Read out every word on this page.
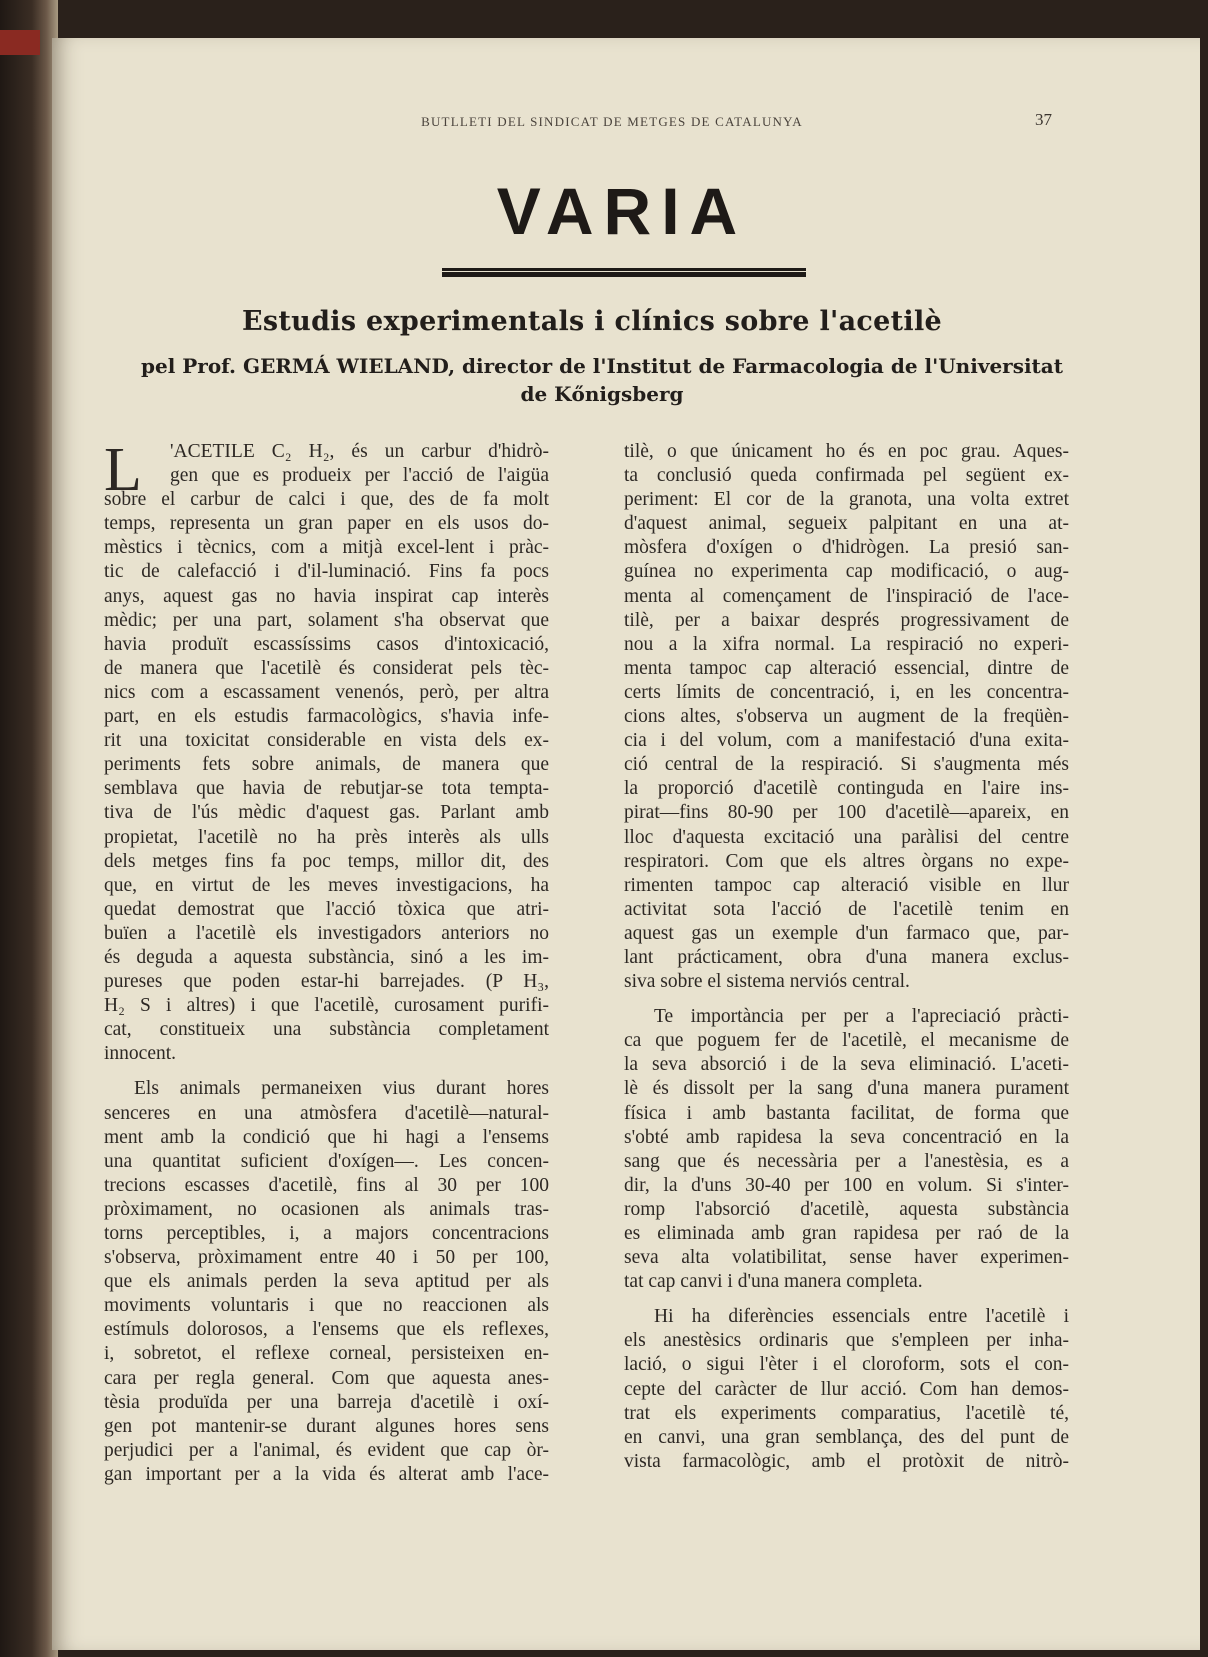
BUTLLETI DEL SINDICAT DE METGES DE CATALUNYA	37
VARIA
Estudis experimentals i clínics sobre l'acetilè
pel Prof. GERMÁ WIELAND, director de l'Institut de Farmacologia de l'Universitat
de Kőnigsberg
L 'ACETILE C₂ H₂, és un carbur d'hidrò-
gen que es produeix per l'acció de l'aigüa
sobre el carbur de calci i que, des de fa molt
temps, representa un gran paper en els usos do-
mèstics i tècnics, com a mitjà excel-lent i pràc-
tic de calefacció i d'il-luminació. Fins fa pocs
anys, aquest gas no havia inspirat cap interès
mèdic; per una part, solament s'ha observat que
havia produït escassíssims casos d'intoxicació,
de manera que l'acetilè és considerat pels tèc-
nics com a escassament venenós, però, per altra
part, en els estudis farmacològics, s'havia infe-
rit una toxicitat considerable en vista dels ex-
periments fets sobre animals, de manera que
semblava que havia de rebutjar-se tota tempta-
tiva de l'ús mèdic d'aquest gas. Parlant amb
propietat, l'acetilè no ha près interès als ulls
dels metges fins fa poc temps, millor dit, des
que, en virtut de les meves investigacions, ha
quedat demostrat que l'acció tòxica que atri-
buïen a l'acetilè els investigadors anteriors no
és deguda a aquesta substància, sinó a les im-
pureses que poden estar-hi barrejades. (P H₃,
H₂ S i altres) i que l'acetilè, curosament purifi-
cat, constitueix una substància completament
innocent.
Els animals permaneixen vius durant hores
senceres en una atmòsfera d'acetilè—natural-
ment amb la condició que hi hagi a l'ensems
una quantitat suficient d'oxígen—. Les concen-
trecions escasses d'acetilè, fins al 30 per 100
pròximament, no ocasionen als animals tras-
torns perceptibles, i, a majors concentracions
s'observa, pròximament entre 40 i 50 per 100,
que els animals perden la seva aptitud per als
moviments voluntaris i que no reaccionen als
estímuls dolorosos, a l'ensems que els reflexes,
i, sobretot, el reflexe corneal, persisteixen en-
cara per regla general. Com que aquesta anes-
tèsia produïda per una barreja d'acetilè i oxí-
gen pot mantenir-se durant algunes hores sens
perjudici per a l'animal, és evident que cap òr-
gan important per a la vida és alterat amb l'ace-
tilè, o que únicament ho és en poc grau. Aques-
ta conclusió queda confirmada pel següent ex-
periment: El cor de la granota, una volta extret
d'aquest animal, segueix palpitant en una at-
mòsfera d'oxígen o d'hidrògen. La presió san-
guínea no experimenta cap modificació, o aug-
menta al començament de l'inspiració de l'ace-
tilè, per a baixar després progressivament de
nou a la xifra normal. La respiració no experi-
menta tampoc cap alteració essencial, dintre de
certs límits de concentració, i, en les concentra-
cions altes, s'observa un augment de la freqüèn-
cia i del volum, com a manifestació d'una exita-
ció central de la respiració. Si s'augmenta més
la proporció d'acetilè continguda en l'aire ins-
pirat—fins 80-90 per 100 d'acetilè—apareix, en
lloc d'aquesta excitació una paràlisi del centre
respiratori. Com que els altres òrgans no expe-
rimenten tampoc cap alteració visible en llur
activitat sota l'acció de l'acetilè tenim en
aquest gas un exemple d'un farmaco que, par-
lant prácticament, obra d'una manera exclus-
siva sobre el sistema nerviós central.
Te importància per per a l'apreciació pràcti-
ca que poguem fer de l'acetilè, el mecanisme de
la seva absorció i de la seva eliminació. L'aceti-
lè és dissolt per la sang d'una manera purament
física i amb bastanta facilitat, de forma que
s'obté amb rapidesa la seva concentració en la
sang que és necessària per a l'anestèsia, es a
dir, la d'uns 30-40 per 100 en volum. Si s'inter-
romp l'absorció d'acetilè, aquesta substància
es eliminada amb gran rapidesa per raó de la
seva alta volatibilitat, sense haver experimen-
tat cap canvi i d'una manera completa.
Hi ha diferències essencials entre l'acetilè i
els anestèsics ordinaris que s'empleen per inha-
lació, o sigui l'èter i el cloroform, sots el con-
cepte del caràcter de llur acció. Com han demos-
trat els experiments comparatius, l'acetilè té,
en canvi, una gran semblança, des del punt de
vista farmacològic, amb el protòxit de nitrò-
